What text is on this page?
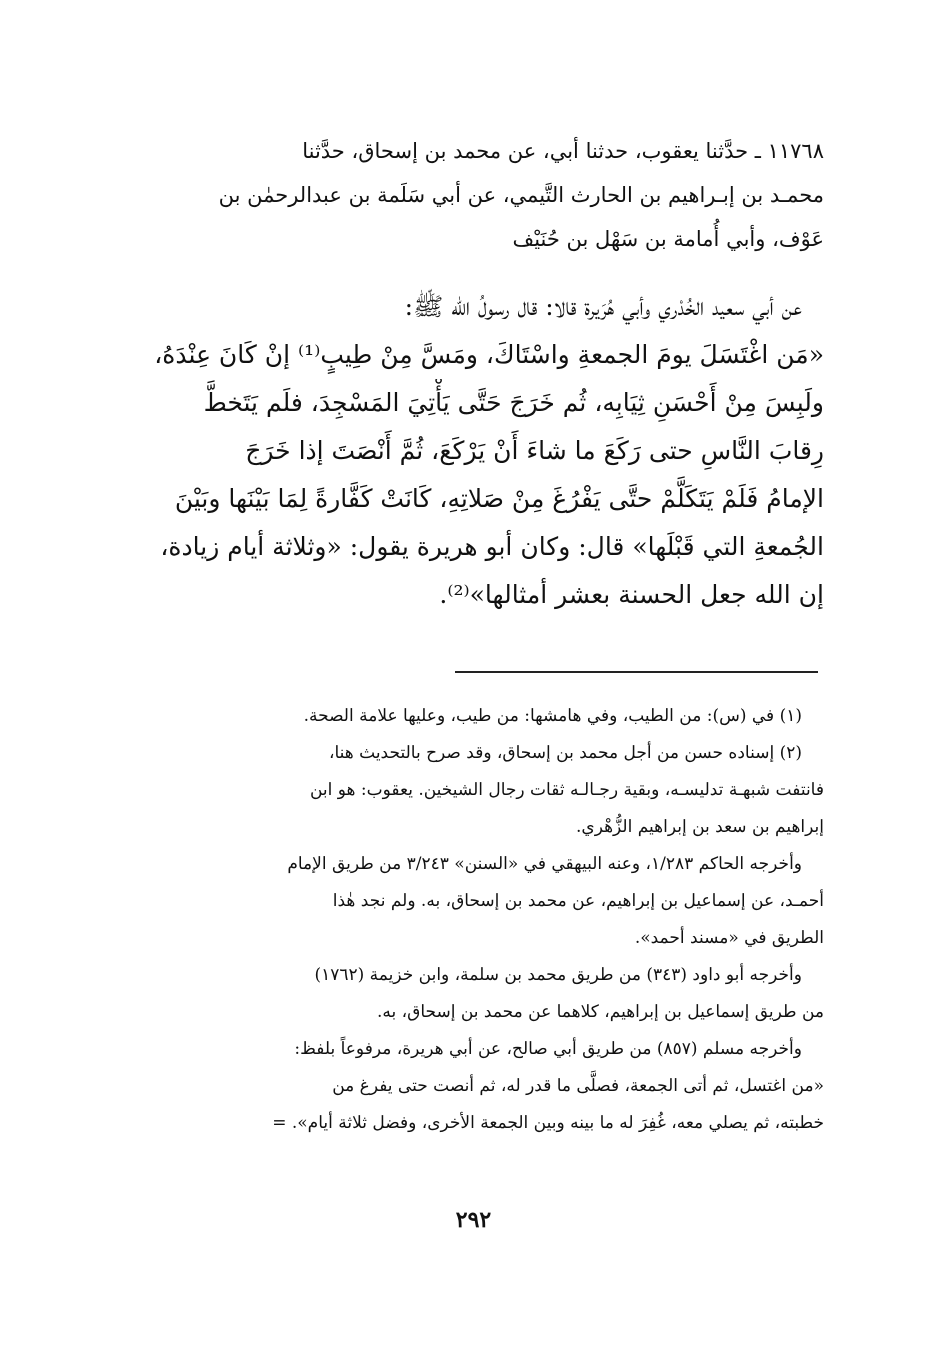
١١٧٦٨ ـ حدَّثنا يعقوب، حدثنا أبي، عن محمد بن إسحاق، حدَّثنا
محمـد بن إبـراهيم بن الحارث التَّيمي، عن أبي سَلَمة بن عبدالرحمٰن بن
عَوْف، وأبي أُمامة بن سَهْل بن حُنَيْف
عن أبي سعيد الخُدْري وأبي هُرَيرة قالا: قال رسولُ الله ﷺ:
«مَن اغْتَسَلَ يومَ الجمعةِ واسْتَاكَ، ومَسَّ مِنْ طِيبٍ⁽¹⁾ إنْ كَانَ عِنْدَهُ،
ولَبِسَ مِنْ أَحْسَنِ ثِيَابِه، ثُم خَرَجَ حَتَّى يَأْتِيَ المَسْجِدَ، فلَم يَتَخطَّ
رِقابَ النَّاسِ حتى رَكَعَ ما شاءَ أَنْ يَرْكَعَ، ثُمَّ أَنْصَتَ إذا خَرَجَ
الإمامُ فَلَمْ يَتَكَلَّمْ حتَّى يَفْرُغَ مِنْ صَلاتِهِ، كَانَتْ كَفَّارةً لِمَا بَيْنَها وبَيْنَ
الجُمعةِ التي قَبْلَها» قال: وكان أبو هريرة يقول: «وثلاثة أيام زيادة،
إن الله جعل الحسنة بعشر أمثالها»⁽²⁾.
(١) في (س): من الطيب، وفي هامشها: من طيب، وعليها علامة الصحة.
(٢) إسناده حسن من أجل محمد بن إسحاق، وقد صرح بالتحديث هنا،
فانتفت شبهـة تدليسـه، وبقية رجـالـه ثقات رجال الشيخين. يعقوب: هو ابن
إبراهيم بن سعد بن إبراهيم الزُّهْري.
وأخرجه الحاكم ١/٢٨٣، وعنه البيهقي في «السنن» ٣/٢٤٣ من طريق الإمام
أحمـد، عن إسماعيل بن إبراهيم، عن محمد بن إسحاق، به. ولم نجد هٰذا
الطريق في «مسند أحمد».
وأخرجه أبو داود (٣٤٣) من طريق محمد بن سلمة، وابن خزيمة (١٧٦٢)
من طريق إسماعيل بن إبراهيم، كلاهما عن محمد بن إسحاق، به.
وأخرجه مسلم (٨٥٧) من طريق أبي صالح، عن أبي هريرة، مرفوعاً بلفظ:
«من اغتسل، ثم أتى الجمعة، فصلَّى ما قدر له، ثم أنصت حتى يفرغ من
خطبته، ثم يصلي معه، غُفِرَ له ما بينه وبين الجمعة الأخرى، وفضل ثلاثة أيام». =
٢٩٢
